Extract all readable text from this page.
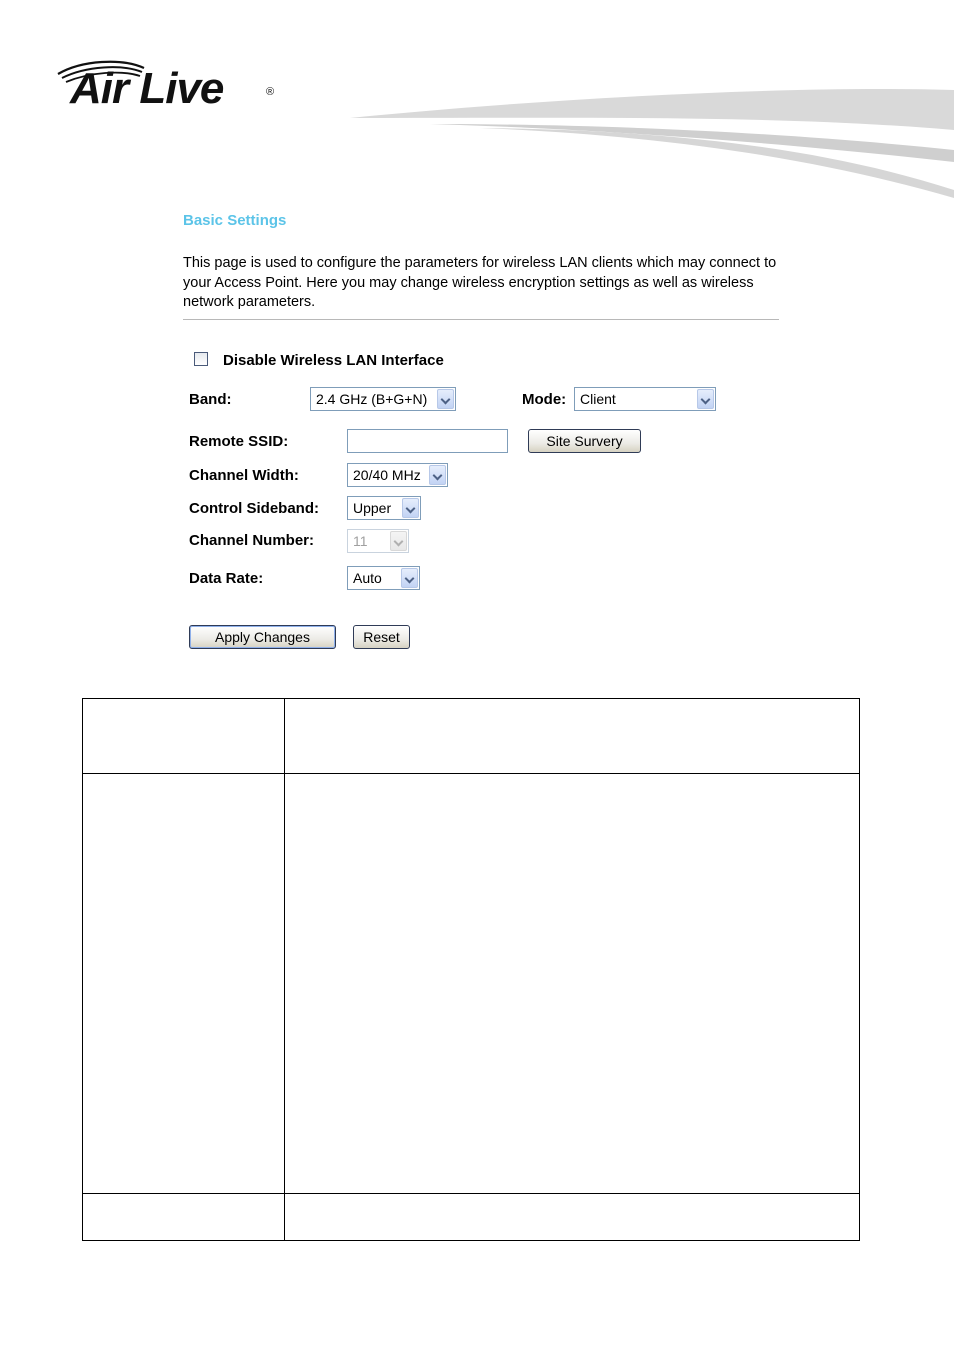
Air Live	®
Basic Settings
This page is used to configure the parameters for wireless LAN clients which may connect to your Access Point. Here you may change wireless encryption settings as well as wireless network parameters.
Disable Wireless LAN Interface
Band:	2.4 GHz (B+G+N)	Mode: Client
Remote SSID:	Site Survery
Channel Width:	20/40 MHz
Control Sideband:	Upper
Channel Number:	11
Data Rate:	Auto
Apply Changes	Reset
